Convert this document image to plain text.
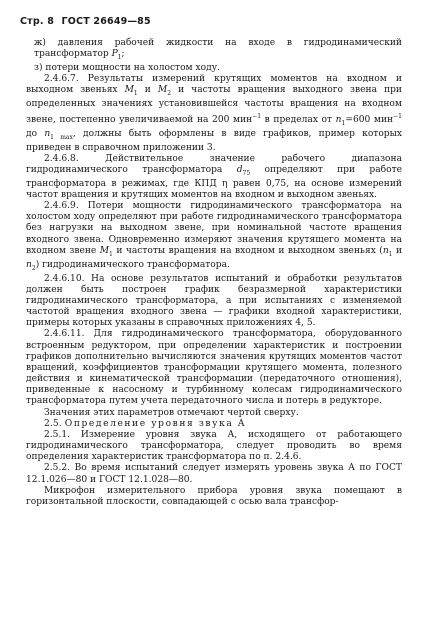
Стр. 8 ГОСТ 26649—85

ж) давления рабочей жидкости на входе в гидродинамический трансформатор $P_1$;

з) потери мощности на холостом ходу.

2.4.6.7. Результаты измерений крутящих моментов на входном и выходном звеньях $M_1$ и $M_2$ и частоты вращения выходного звена при определенных значениях установившейся частоты вращения на входном звене, постепенно увеличиваемой на 200 мин$^{-1}$ в пределах от $n_1=600$ мин$^{-1}$ до $n_{1 max}$, должны быть оформлены в виде графиков, пример которых приведен в справочном приложении 3.

2.4.6.8. Действительное значение рабочего диапазона гидродинамического трансформатора $d_{75}$ определяют при работе трансформатора в режимах, где КПД η равен 0,75, на основе измерений частот вращения и крутящих моментов на входном и выходном звеньях.

2.4.6.9. Потери мощности гидродинамического трансформатора на холостом ходу определяют при работе гидродинамического трансформатора без нагрузки на выходном звене, при номинальной частоте вращения входного звена. Одновременно измеряют значения крутящего момента на входном звене $M_1$ и частоты вращения на входном и выходном звеньях ($n_1$ и $n_2$) гидродинамического трансформатора.

2.4.6.10. На основе результатов испытаний и обработки результатов должен быть построен график безразмерной характеристики гидродинамического трансформатора, а при испытаниях с изменяемой частотой вращения входного звена — графики входной характеристики, примеры которых указаны в справочных приложениях 4, 5.

2.4.6.11. Для гидродинамического трансформатора, оборудованного встроенным редуктором, при определении характеристик и построении графиков дополнительно вычисляются значения крутящих моментов частот вращений, коэффициентов трансформации крутящего момента, полезного действия и кинематической трансформации (передаточного отношения), приведенные к насосному и турбинному колесам гидродинамического трансформатора путем учета передаточного числа и потерь в редукторе.

Значения этих параметров отмечают чертой сверху.

2.5. Определение уровня звука A

2.5.1. Измерение уровня звука A, исходящего от работающего гидродинамического трансформатора, следует проводить во время определения характеристик трансформатора по п. 2.4.6.

2.5.2. Во время испытаний следует измерять уровень звука A по ГОСТ 12.1.026—80 и ГОСТ 12.1.028—80.

Микрофон измерительного прибора уровня звука помещают в горизонтальной плоскости, совпадающей с осью вала трансфор-
